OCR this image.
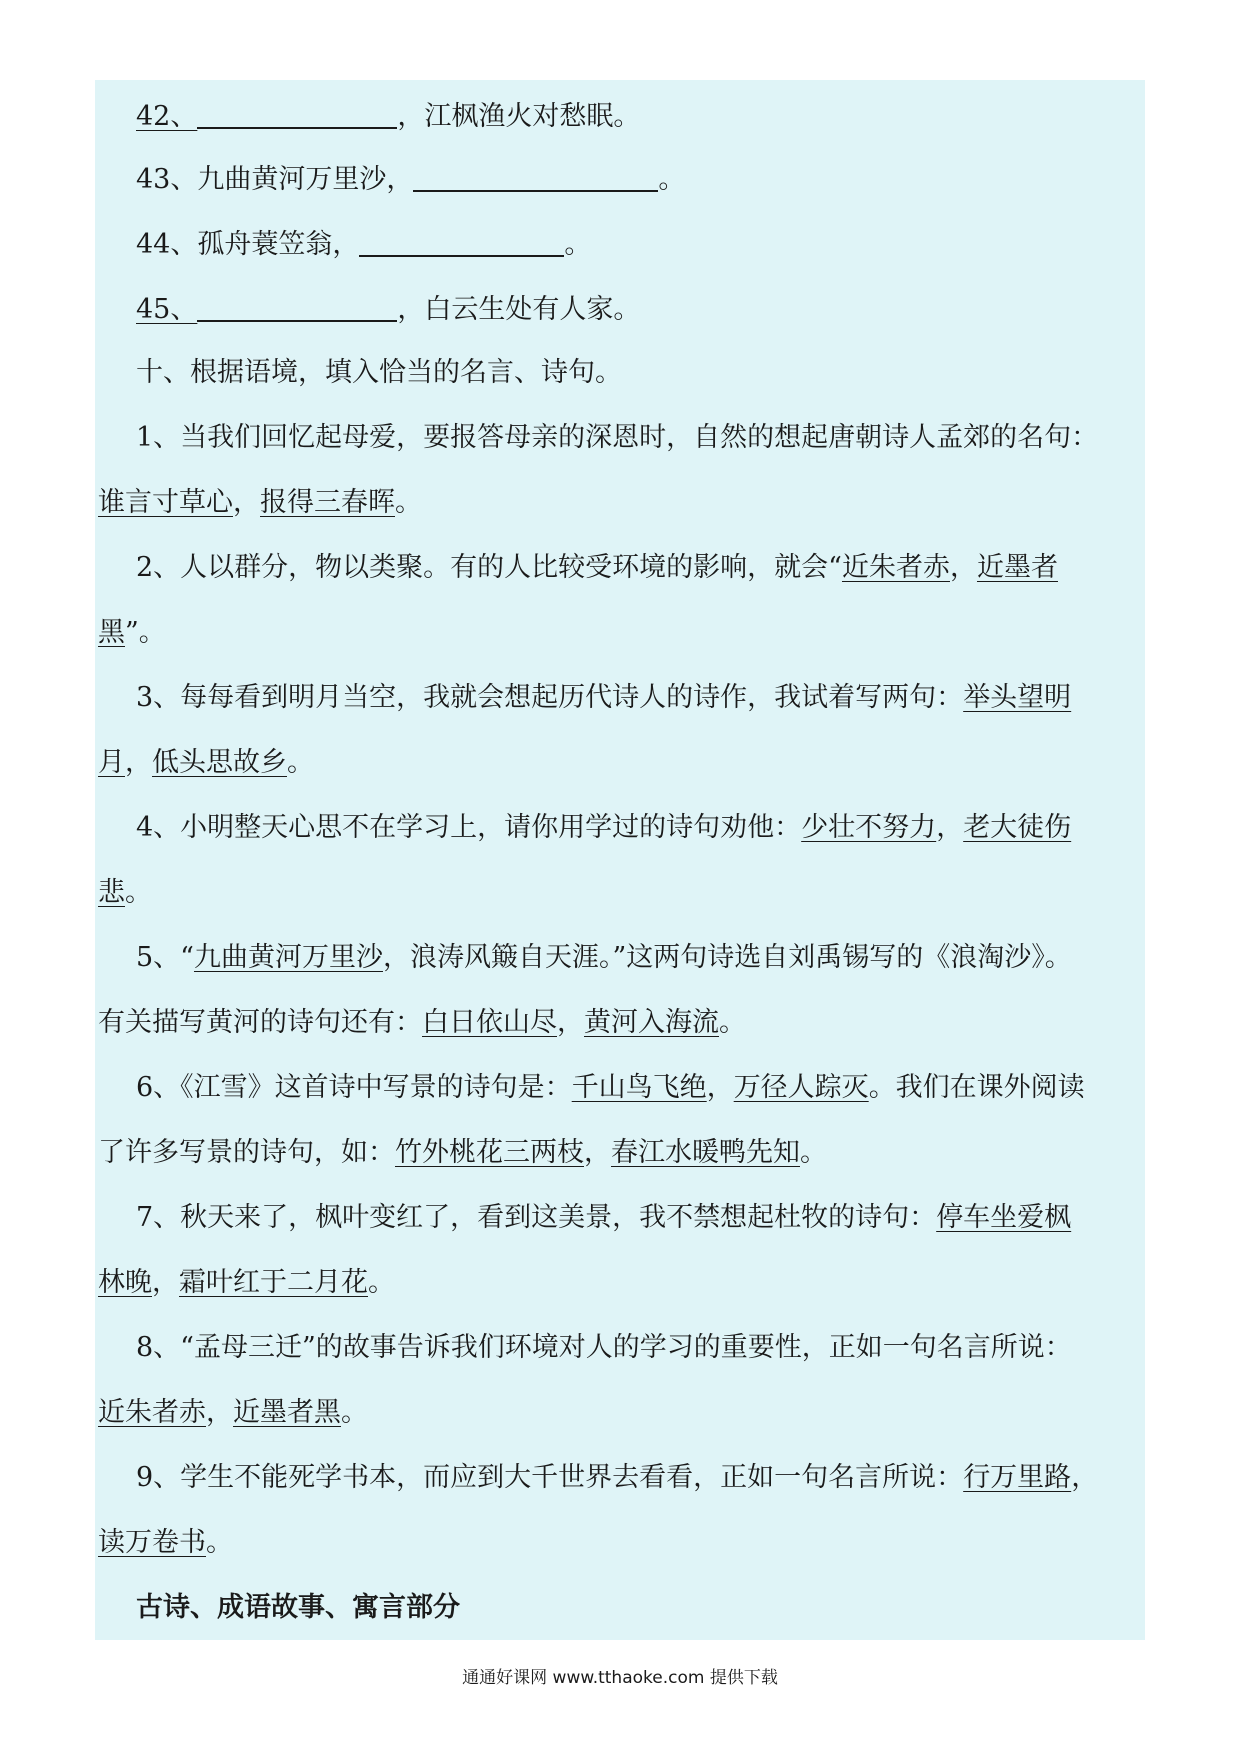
42、	，江枫渔火对愁眠。
43、九曲黄河万里沙，	。
44、孤舟蓑笠翁，	。
45、	，白云生处有人家。
十、根据语境，填入恰当的名言、诗句。
1、当我们回忆起母爱，要报答母亲的深恩时，自然的想起唐朝诗人孟郊的名句：
谁言寸草心，报得三春晖。
2、人以群分，物以类聚。有的人比较受环境的影响，就会“近朱者赤，近墨者
黑”。
3、每每看到明月当空，我就会想起历代诗人的诗作，我试着写两句：举头望明
月，低头思故乡。
4、小明整天心思不在学习上，请你用学过的诗句劝他：少壮不努力，老大徒伤
悲。
5、“九曲黄河万里沙，浪涛风簸自天涯。”这两句诗选自刘禹锡写的《浪淘沙》。
有关描写黄河的诗句还有：白日依山尽，黄河入海流。
6、《江雪》这首诗中写景的诗句是：千山鸟飞绝，万径人踪灭。我们在课外阅读
了许多写景的诗句，如：竹外桃花三两枝，春江水暖鸭先知。
7、秋天来了，枫叶变红了，看到这美景，我不禁想起杜牧的诗句：停车坐爱枫
林晚，霜叶红于二月花。
8、“孟母三迁”的故事告诉我们环境对人的学习的重要性，正如一句名言所说：
近朱者赤，近墨者黑。
9、学生不能死学书本，而应到大千世界去看看，正如一句名言所说：行万里路，
读万卷书。
古诗、成语故事、寓言部分
通通好课网 www.tthaoke.com 提供下载
